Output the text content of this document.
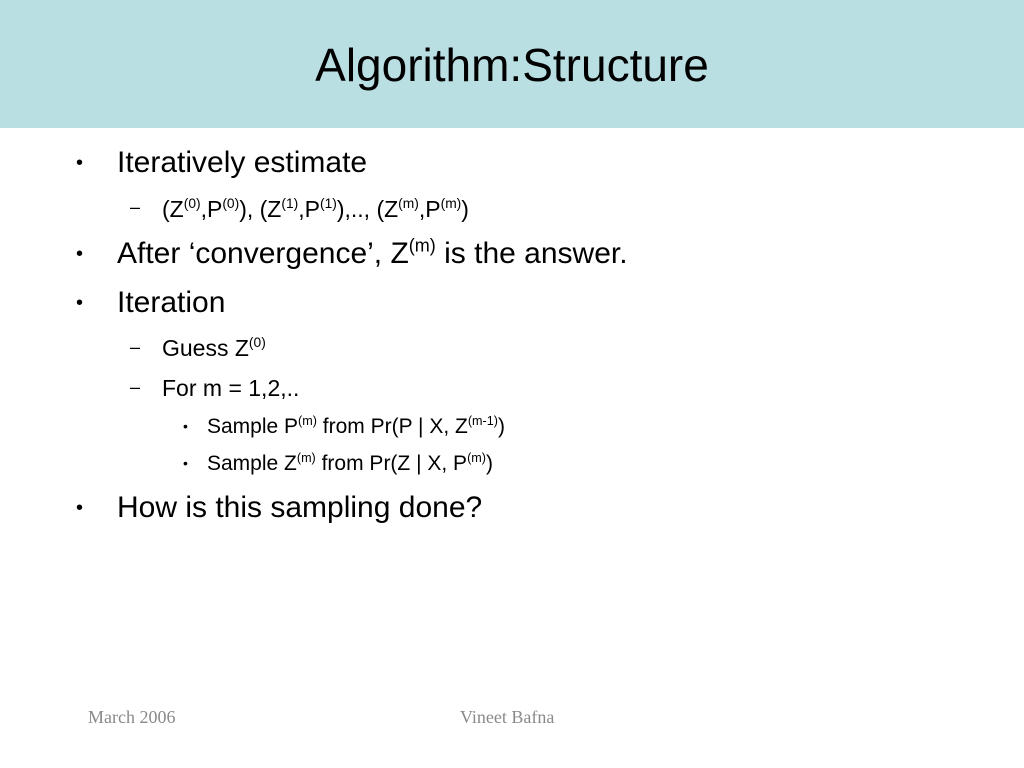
Algorithm:Structure
• Iteratively estimate
– $(Z^{(0)},P^{(0)})$, $(Z^{(1)},P^{(1)})$,.., $(Z^{(m)},P^{(m)})$
• After ‘convergence’, $Z^{(m)}$ is the answer.
• Iteration
– Guess $Z^{(0)}$
– For m = 1,2,..
• Sample $P^{(m)}$ from Pr(P | X, $Z^{(m-1)}$)
• Sample $Z^{(m)}$ from Pr(Z | X, $P^{(m)}$)
• How is this sampling done?
March 2006	Vineet Bafna
